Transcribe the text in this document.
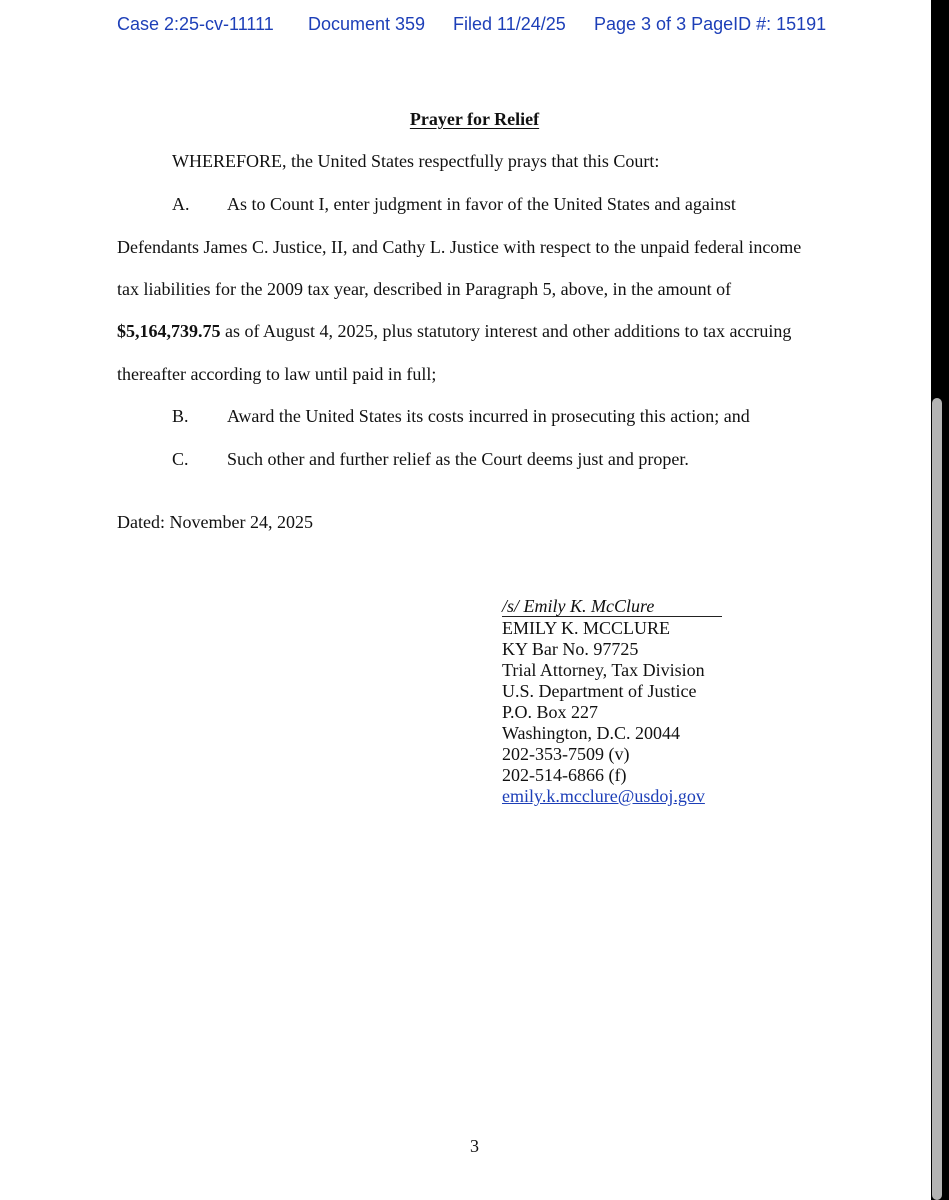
Case 2:25-cv-11111 Document 359 Filed 11/24/25 Page 3 of 3 PageID #: 15191
Prayer for Relief
WHEREFORE, the United States respectfully prays that this Court:
A. As to Count I, enter judgment in favor of the United States and against
Defendants James C. Justice, II, and Cathy L. Justice with respect to the unpaid federal income
tax liabilities for the 2009 tax year, described in Paragraph 5, above, in the amount of
$5,164,739.75 as of August 4, 2025, plus statutory interest and other additions to tax accruing
thereafter according to law until paid in full;
B. Award the United States its costs incurred in prosecuting this action; and
C. Such other and further relief as the Court deems just and proper.
Dated: November 24, 2025
/s/ Emily K. McClure
EMILY K. MCCLURE
KY Bar No. 97725
Trial Attorney, Tax Division
U.S. Department of Justice
P.O. Box 227
Washington, D.C. 20044
202-353-7509 (v)
202-514-6866 (f)
emily.k.mcclure@usdoj.gov
3
